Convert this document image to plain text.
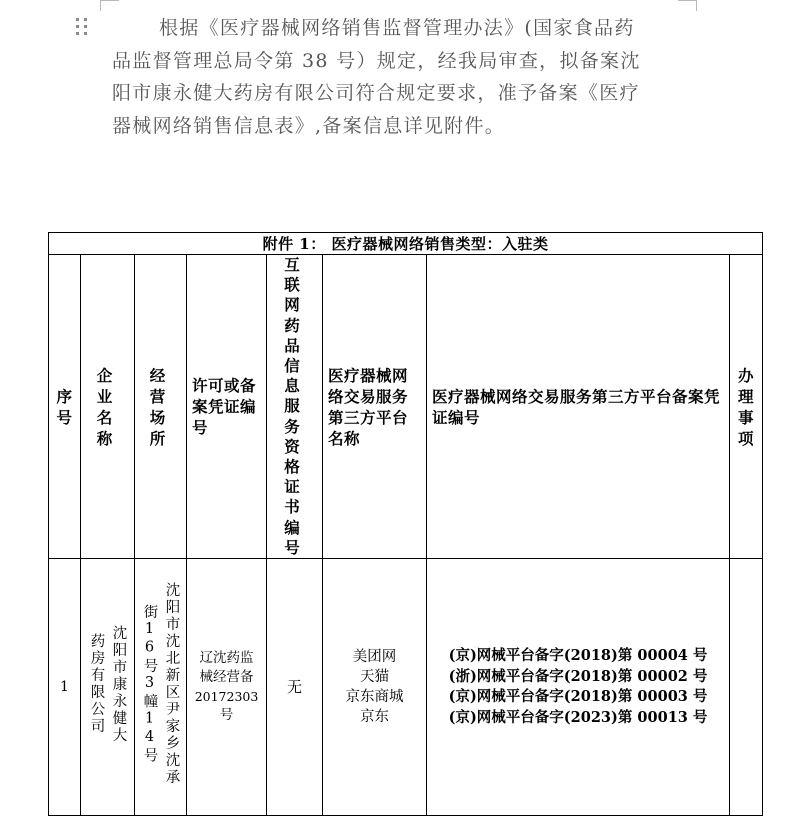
根据《医疗器械网络销售监督管理办法》(国家食品药
品监督管理总局令第 38 号）规定，经我局审查，拟备案沈
阳市康永健大药房有限公司符合规定要求，准予备案《医疗
器械网络销售信息表》,备案信息详见附件。
附件 1： 医疗器械网络销售类型：入驻类							

序号	企业名称	经营场所	许可或备案凭证编号	互联网药品信息服务资格证书编号	医疗器械网络交易服务第三方平台名称	医疗器械网络交易服务第三方平台备案凭证编号	办理事项

1	沈阳市康永健大药房有限公司	沈阳市沈北新区尹家乡沈承街16号3幢14号	辽沈药监
械经营备
20172303
号	无	美团网
天猫
京东商城
京东	(京)网械平台备字(2018)第 00004 号
(浙)网械平台备字(2018)第 00002 号
(京)网械平台备字(2018)第 00003 号
(京)网械平台备字(2023)第 00013 号	
